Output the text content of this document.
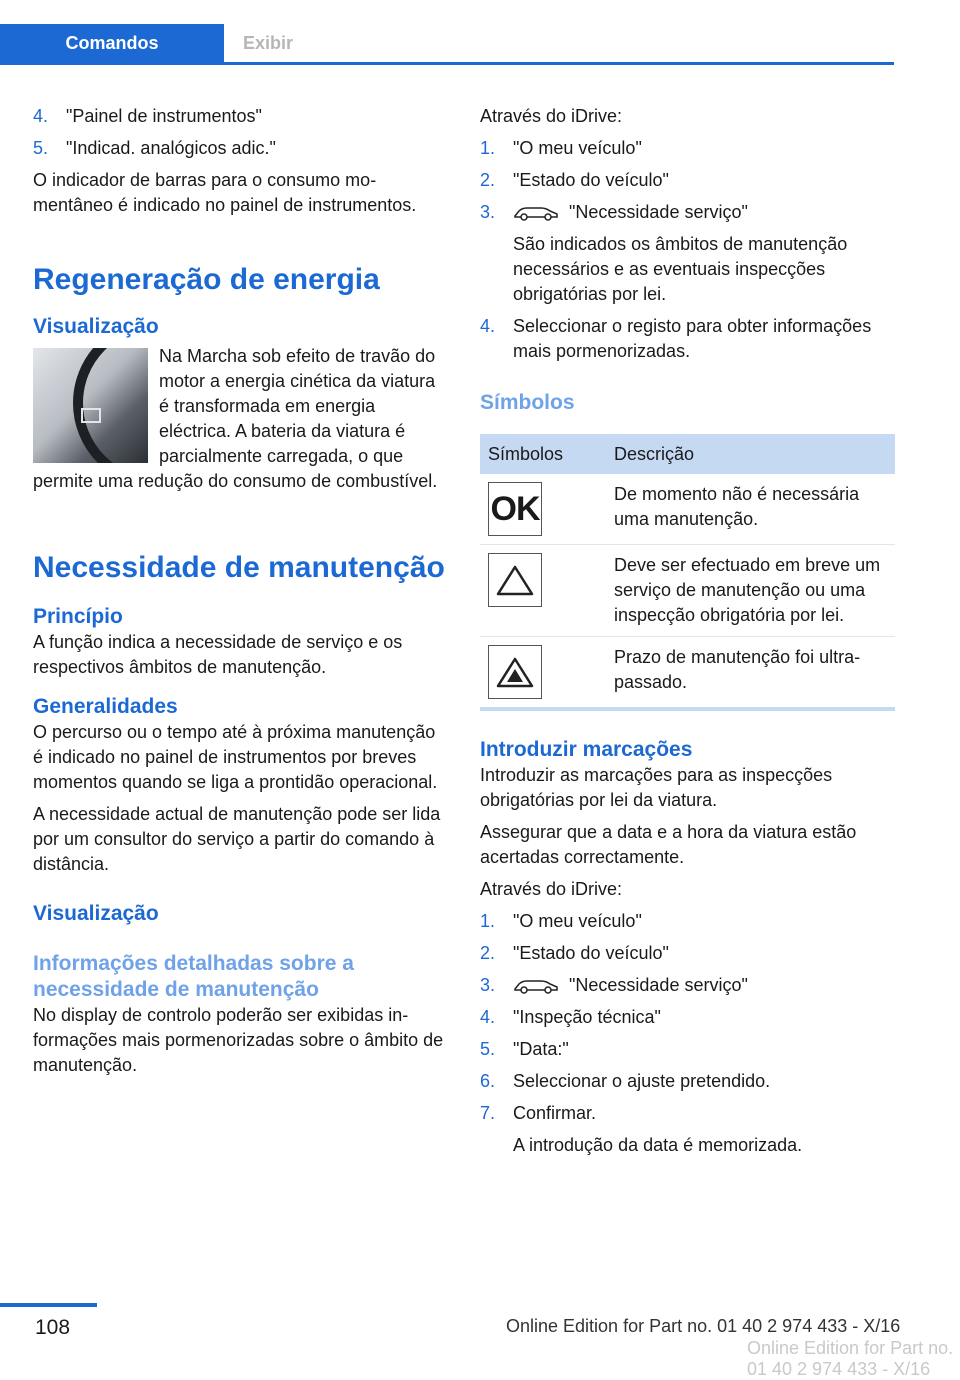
Comandos	Exibir
4. "Painel de instrumentos"
5. "Indicad. analógicos adic."

O indicador de barras para o consumo momentâneo é indicado no painel de instrumentos.

Regeneração de energia
Visualização

Na Marcha sob efeito de travão do motor a energia cinética da viatura é transformada em energia eléctrica. A bateria da viatura é parcialmente carregada, o que permite uma redução do consumo de combustível.

Necessidade de manutenção
Princípio

A função indica a necessidade de serviço e os respectivos âmbitos de manutenção.

Generalidades

O percurso ou o tempo até à próxima manutenção é indicado no painel de instrumentos por breves momentos quando se liga a prontidão operacional.

A necessidade actual de manutenção pode ser lida por um consultor do serviço a partir do comando à distância.

Visualização
Informações detalhadas sobre a necessidade de manutenção

No display de controlo poderão ser exibidas informações mais pormenorizadas sobre o âmbito de manutenção.

Através do iDrive:

1. "O meu veículo"
2. "Estado do veículo"
3.	"Necessidade serviço"
São indicados os âmbitos de manutenção necessários e as eventuais inspecções obrigatórias por lei.
4. Seleccionar o registo para obter informações mais pormenorizadas.
Símbolos
Símbolos	Descrição

OK	De momento não é necessária uma manutenção.

	Deve ser efectuado em breve um serviço de manutenção ou uma inspecção obrigatória por lei.

	Prazo de manutenção foi ultrapassado.
Introduzir marcações

Introduzir as marcações para as inspecções obrigatórias por lei da viatura.

Assegurar que a data e a hora da viatura estão acertadas correctamente.

Através do iDrive:

1. "O meu veículo"
2. "Estado do veículo"
3.	"Necessidade serviço"
4. "Inspeção técnica"
5. "Data:"
6. Seleccionar o ajuste pretendido.
7. Confirmar.
A introdução da data é memorizada.
108	Online Edition for Part no. 01 40 2 974 433 - X/16
Online Edition for Part no. 01 40 2 974 433 - X/16
